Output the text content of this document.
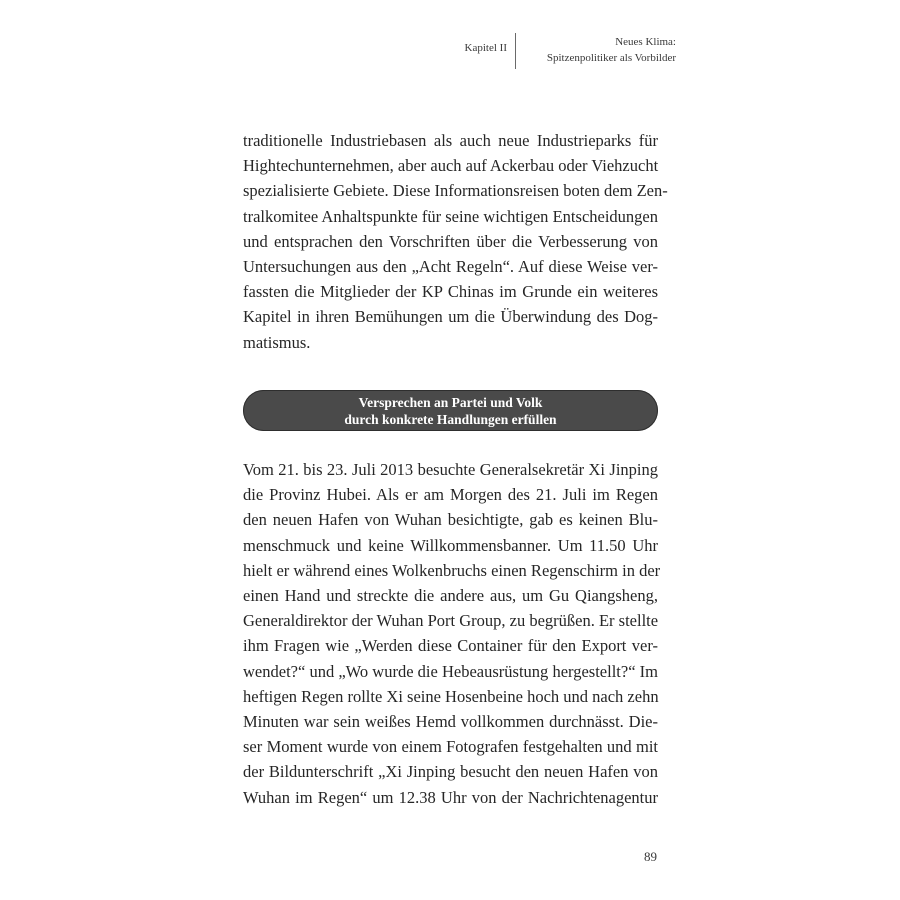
Kapitel II	Neues Klima:
Spitzenpolitiker als Vorbilder

traditionelle Industriebasen als auch neue Industrieparks für
Hightechunternehmen, aber auch auf Ackerbau oder Viehzucht
spezialisierte Gebiete. Diese Informationsreisen boten dem Zen-
tralkomitee Anhaltspunkte für seine wichtigen Entscheidungen
und entsprachen den Vorschriften über die Verbesserung von
Untersuchungen aus den „Acht Regeln“. Auf diese Weise ver-
fassten die Mitglieder der KP Chinas im Grunde ein weiteres
Kapitel in ihren Bemühungen um die Überwindung des Dog-
matismus.

Versprechen an Partei und Volk
durch konkrete Handlungen erfüllen

Vom 21. bis 23. Juli 2013 besuchte Generalsekretär Xi Jinping
die Provinz Hubei. Als er am Morgen des 21. Juli im Regen
den neuen Hafen von Wuhan besichtigte, gab es keinen Blu-
menschmuck und keine Willkommensbanner. Um 11.50 Uhr
hielt er während eines Wolkenbruchs einen Regenschirm in der
einen Hand und streckte die andere aus, um Gu Qiangsheng,
Generaldirektor der Wuhan Port Group, zu begrüßen. Er stellte
ihm Fragen wie „Werden diese Container für den Export ver-
wendet?“ und „Wo wurde die Hebeausrüstung hergestellt?“ Im
heftigen Regen rollte Xi seine Hosenbeine hoch und nach zehn
Minuten war sein weißes Hemd vollkommen durchnässt. Die-
ser Moment wurde von einem Fotografen festgehalten und mit
der Bildunterschrift „Xi Jinping besucht den neuen Hafen von
Wuhan im Regen“ um 12.38 Uhr von der Nachrichtenagentur

89
